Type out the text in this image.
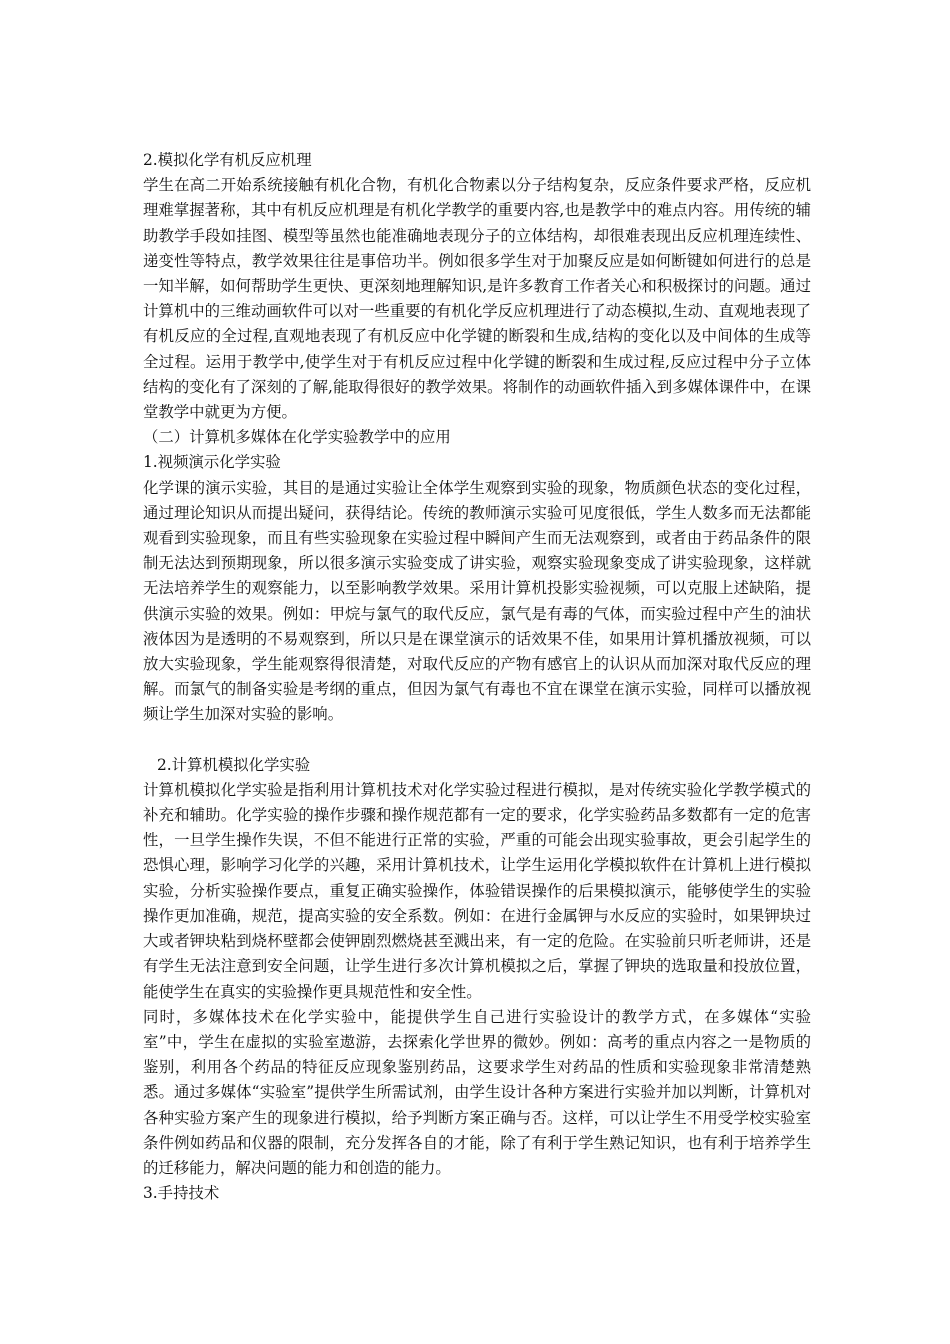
2.模拟化学有机反应机理

学生在高二开始系统接触有机化合物，有机化合物素以分子结构复杂，反应条件要求严格，反应机理难掌握著称，其中有机反应机理是有机化学教学的重要内容,也是教学中的难点内容。用传统的辅助教学手段如挂图、模型等虽然也能准确地表现分子的立体结构，却很难表现出反应机理连续性、递变性等特点，教学效果往往是事倍功半。例如很多学生对于加聚反应是如何断键如何进行的总是一知半解，如何帮助学生更快、更深刻地理解知识,是许多教育工作者关心和积极探讨的问题。通过计算机中的三维动画软件可以对一些重要的有机化学反应机理进行了动态模拟,生动、直观地表现了有机反应的全过程,直观地表现了有机反应中化学键的断裂和生成,结构的变化以及中间体的生成等全过程。运用于教学中,使学生对于有机反应过程中化学键的断裂和生成过程,反应过程中分子立体结构的变化有了深刻的了解,能取得很好的教学效果。将制作的动画软件插入到多媒体课件中，在课堂教学中就更为方便。

（二）计算机多媒体在化学实验教学中的应用

1.视频演示化学实验

化学课的演示实验，其目的是通过实验让全体学生观察到实验的现象，物质颜色状态的变化过程，通过理论知识从而提出疑问，获得结论。传统的教师演示实验可见度很低，学生人数多而无法都能观看到实验现象，而且有些实验现象在实验过程中瞬间产生而无法观察到，或者由于药品条件的限制无法达到预期现象，所以很多演示实验变成了讲实验，观察实验现象变成了讲实验现象，这样就无法培养学生的观察能力，以至影响教学效果。采用计算机投影实验视频，可以克服上述缺陷，提供演示实验的效果。例如：甲烷与氯气的取代反应，氯气是有毒的气体，而实验过程中产生的油状液体因为是透明的不易观察到，所以只是在课堂演示的话效果不佳，如果用计算机播放视频，可以放大实验现象，学生能观察得很清楚，对取代反应的产物有感官上的认识从而加深对取代反应的理解。而氯气的制备实验是考纲的重点，但因为氯气有毒也不宜在课堂在演示实验，同样可以播放视频让学生加深对实验的影响。

2.计算机模拟化学实验

计算机模拟化学实验是指利用计算机技术对化学实验过程进行模拟，是对传统实验化学教学模式的补充和辅助。化学实验的操作步骤和操作规范都有一定的要求，化学实验药品多数都有一定的危害性，一旦学生操作失误，不但不能进行正常的实验，严重的可能会出现实验事故，更会引起学生的恐惧心理，影响学习化学的兴趣，采用计算机技术，让学生运用化学模拟软件在计算机上进行模拟实验，分析实验操作要点，重复正确实验操作，体验错误操作的后果模拟演示，能够使学生的实验操作更加准确，规范，提高实验的安全系数。例如：在进行金属钾与水反应的实验时，如果钾块过大或者钾块粘到烧杯壁都会使钾剧烈燃烧甚至溅出来，有一定的危险。在实验前只听老师讲，还是有学生无法注意到安全问题，让学生进行多次计算机模拟之后，掌握了钾块的选取量和投放位置，能使学生在真实的实验操作更具规范性和安全性。

同时，多媒体技术在化学实验中，能提供学生自己进行实验设计的教学方式，在多媒体“实验室”中，学生在虚拟的实验室遨游，去探索化学世界的微妙。例如：高考的重点内容之一是物质的鉴别，利用各个药品的特征反应现象鉴别药品，这要求学生对药品的性质和实验现象非常清楚熟悉。通过多媒体“实验室”提供学生所需试剂，由学生设计各种方案进行实验并加以判断，计算机对各种实验方案产生的现象进行模拟，给予判断方案正确与否。这样，可以让学生不用受学校实验室条件例如药品和仪器的限制，充分发挥各自的才能，除了有利于学生熟记知识，也有利于培养学生的迁移能力，解决问题的能力和创造的能力。

3.手持技术
